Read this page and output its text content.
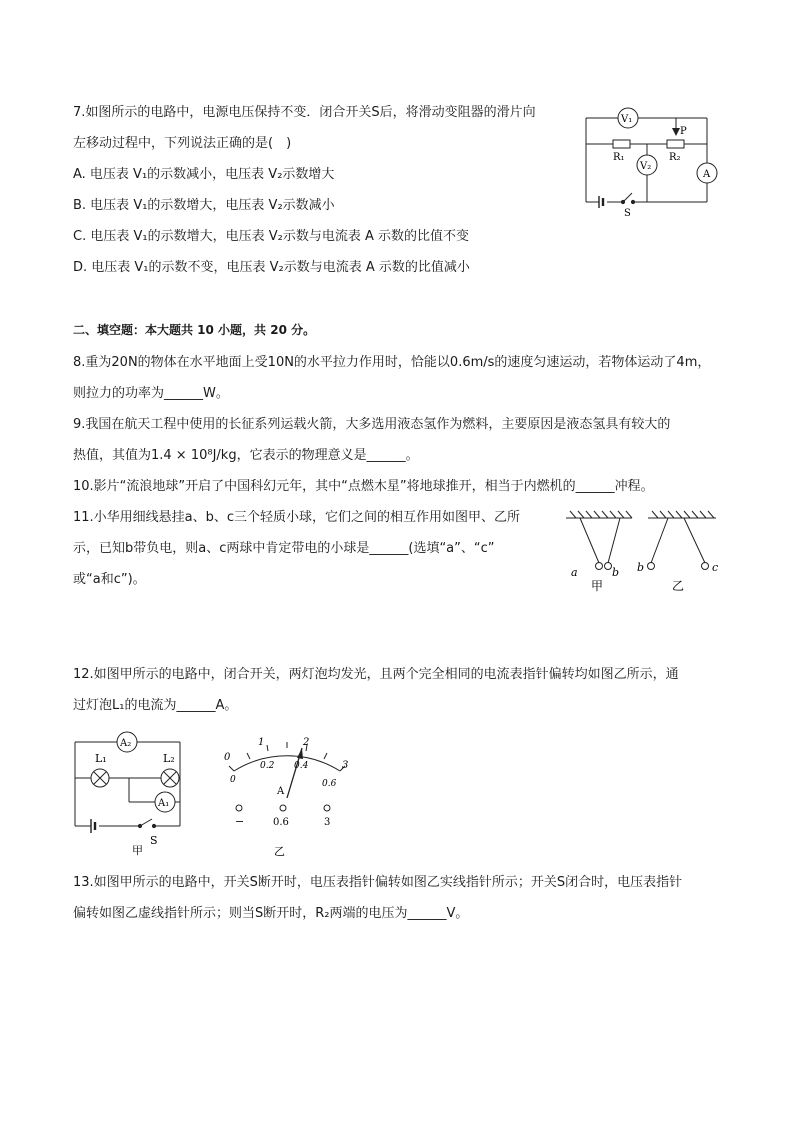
7.如图所示的电路中，电源电压保持不变．闭合开关S后，将滑动变阻器的滑片向
左移动过程中，下列说法正确的是(　)
A. 电压表 V₁的示数减小，电压表 V₂示数增大
B. 电压表 V₁的示数增大，电压表 V₂示数减小
C. 电压表 V₁的示数增大，电压表 V₂示数与电流表 A 示数的比值不变
D. 电压表 V₁的示数不变，电压表 V₂示数与电流表 A 示数的比值减小
V₁
V₂
A
P
R₁	R₂
S
二、填空题：本大题共 10 小题，共 20 分。
8.重为20N的物体在水平地面上受10N的水平拉力作用时，恰能以0.6m/s的速度匀速运动，若物体运动了4m，
则拉力的功率为______W。
9.我国在航天工程中使用的长征系列运载火箭，大多选用液态氢作为燃料，主要原因是液态氢具有较大的
热值，其值为1.4 × 10⁸J/kg，它表示的物理意义是______。
10.影片“流浪地球”开启了中国科幻元年，其中“点燃木星”将地球推开，相当于内燃机的______冲程。
11.小华用细线悬挂a、b、c三个轻质小球，它们之间的相互作用如图甲、乙所
示，已知b带负电，则a、c两球中肯定带电的小球是______(选填“a”、“c”
或“a和c”)。	a	b b	c
甲	乙
12.如图甲所示的电路中，闭合开关，两灯泡均发光，且两个完全相同的电流表指针偏转均如图乙所示，通
过灯泡L₁的电流为______A。
A₂
A₁
L₁	L₂
S
甲
0
1	2
3
0
0.2 0.4
0.6
A
−	0.6	3
乙
13.如图甲所示的电路中，开关S断开时，电压表指针偏转如图乙实线指针所示；开关S闭合时，电压表指针
偏转如图乙虚线指针所示；则当S断开时，R₂两端的电压为______V。
